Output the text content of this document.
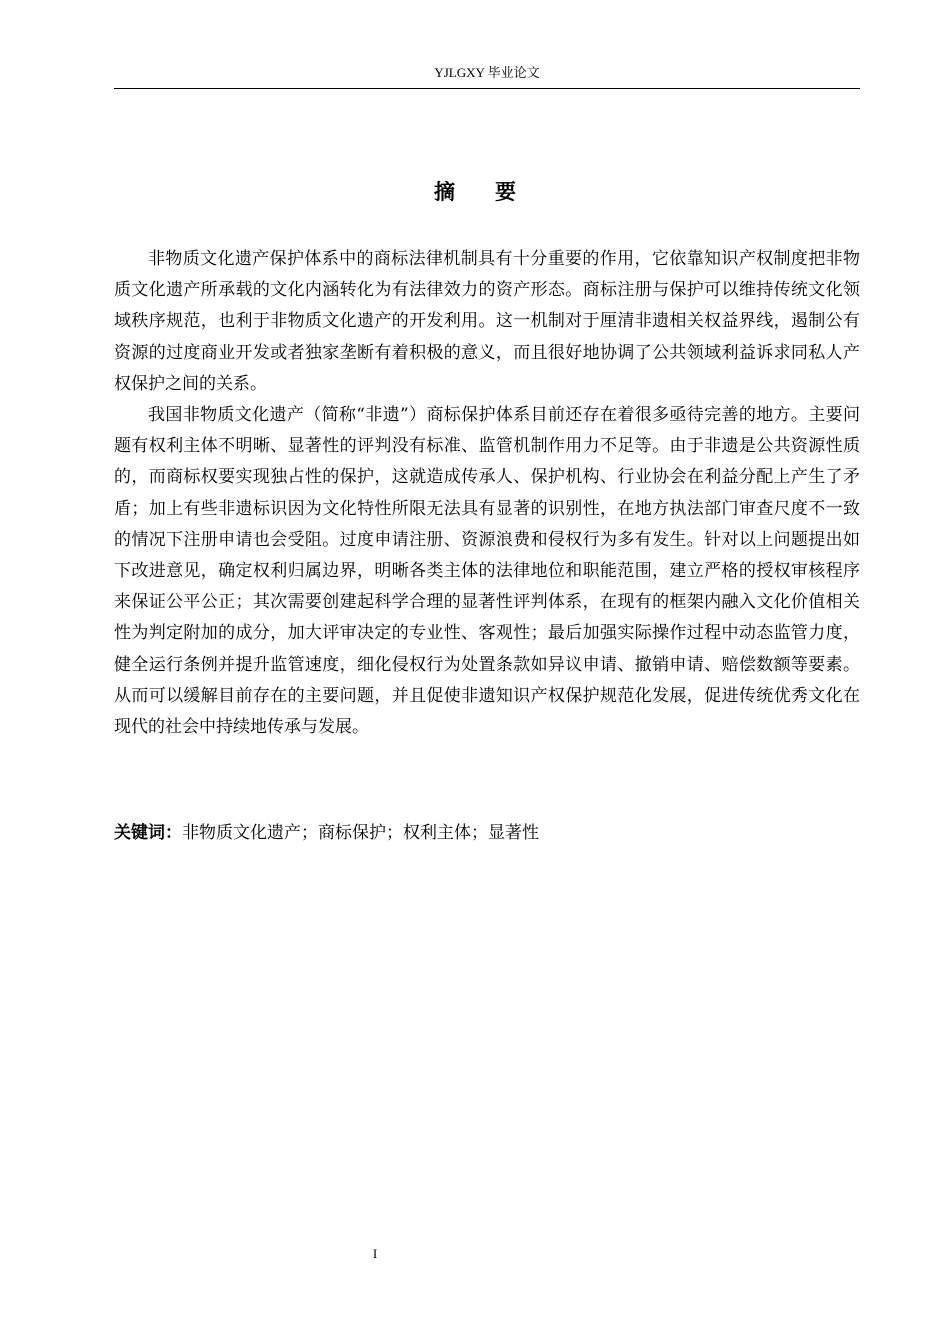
YJLGXY 毕业论文
摘要

非物质文化遗产保护体系中的商标法律机制具有十分重要的作用，它依靠知识产权制度把非物质文化遗产所承载的文化内涵转化为有法律效力的资产形态。商标注册与保护可以维持传统文化领域秩序规范，也利于非物质文化遗产的开发利用。这一机制对于厘清非遗相关权益界线，遏制公有资源的过度商业开发或者独家垄断有着积极的意义，而且很好地协调了公共领域利益诉求同私人产权保护之间的关系。

我国非物质文化遗产（简称“非遗”）商标保护体系目前还存在着很多亟待完善的地方。主要问题有权利主体不明晰、显著性的评判没有标准、监管机制作用力不足等。由于非遗是公共资源性质的，而商标权要实现独占性的保护，这就造成传承人、保护机构、行业协会在利益分配上产生了矛盾；加上有些非遗标识因为文化特性所限无法具有显著的识别性，在地方执法部门审查尺度不一致的情况下注册申请也会受阻。过度申请注册、资源浪费和侵权行为多有发生。针对以上问题提出如下改进意见，确定权利归属边界，明晰各类主体的法律地位和职能范围，建立严格的授权审核程序来保证公平公正；其次需要创建起科学合理的显著性评判体系，在现有的框架内融入文化价值相关性为判定附加的成分，加大评审决定的专业性、客观性；最后加强实际操作过程中动态监管力度，健全运行条例并提升监管速度，细化侵权行为处置条款如异议申请、撤销申请、赔偿数额等要素。从而可以缓解目前存在的主要问题，并且促使非遗知识产权保护规范化发展，促进传统优秀文化在现代的社会中持续地传承与发展。

关键词：非物质文化遗产；商标保护；权利主体；显著性
I
